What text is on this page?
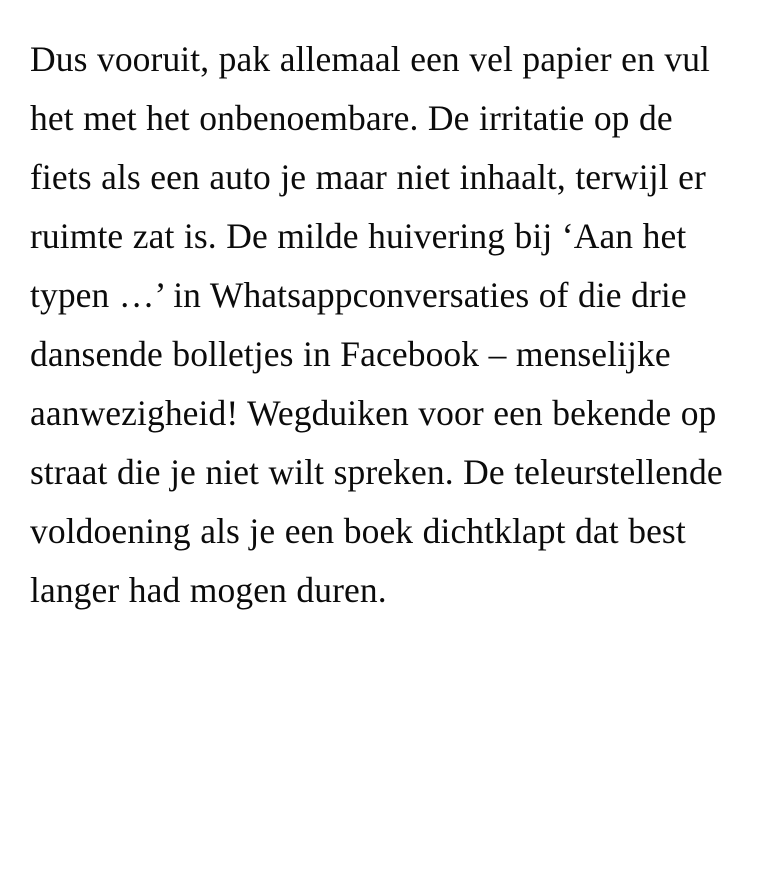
Dus vooruit, pak allemaal een vel papier en vul het met het onbenoembare. De irritatie op de fiets als een auto je maar niet inhaalt, terwijl er ruimte zat is. De milde huivering bij ‘Aan het typen …’ in Whatsappconversaties of die drie dansende bolletjes in Facebook – menselijke aanwezigheid! Wegduiken voor een bekende op straat die je niet wilt spreken. De teleurstellende voldoening als je een boek dichtklapt dat best langer had mogen duren.
